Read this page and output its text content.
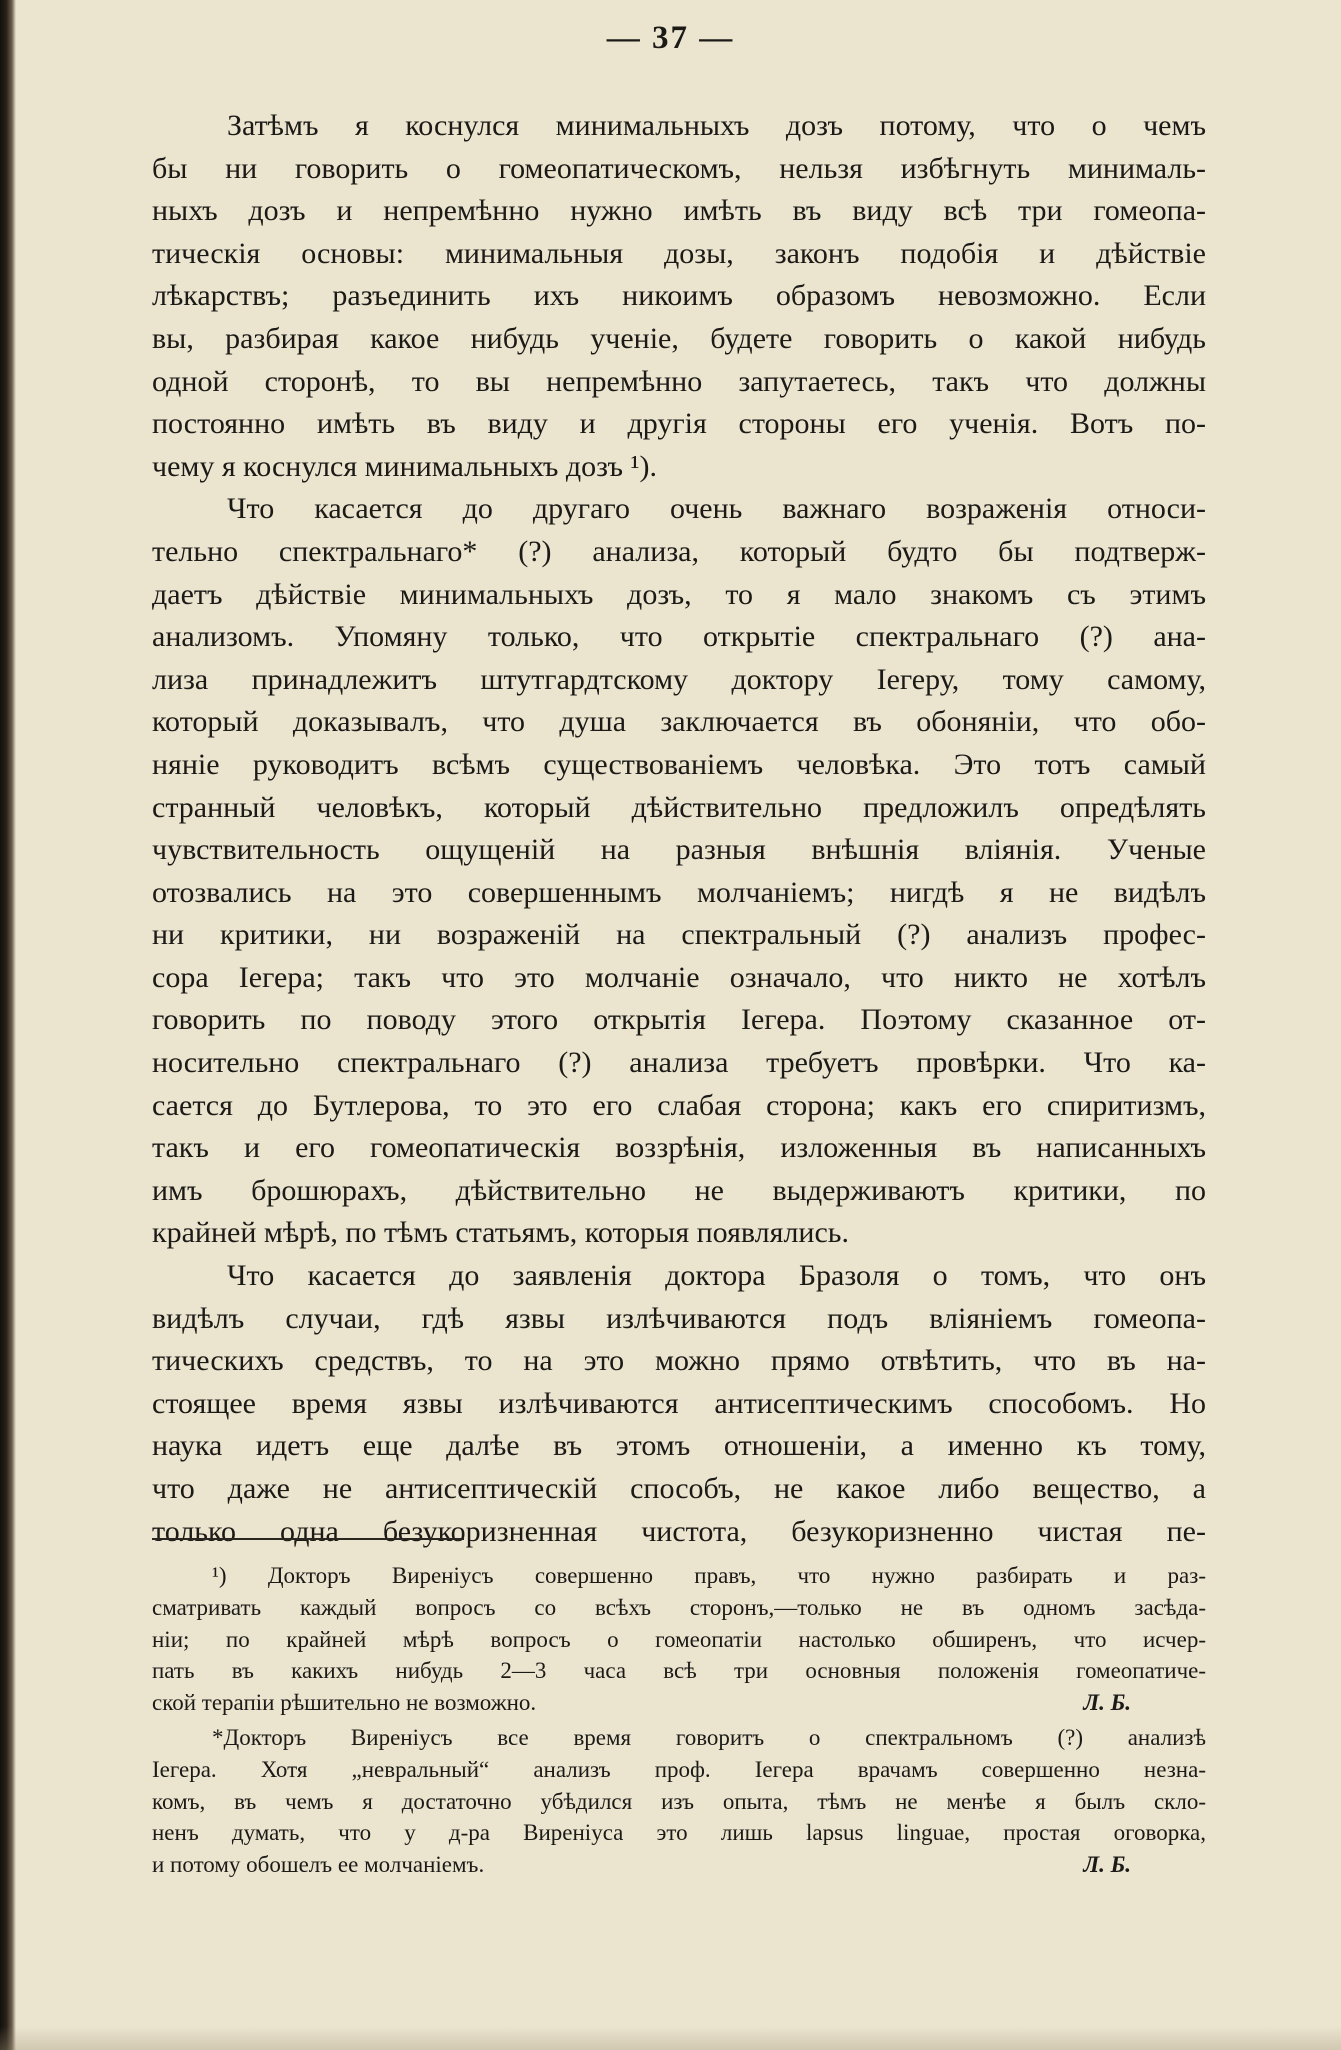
— 37 —
Затѣмъ я коснулся минимальныхъ дозъ потому, что о чемъ
бы ни говорить о гомеопатическомъ, нельзя избѣгнуть минималь-
ныхъ дозъ и непремѣнно нужно имѣть въ виду всѣ три гомеопа-
тическія основы: минимальныя дозы, законъ подобія и дѣйствіе
лѣкарствъ; разъединить ихъ никоимъ образомъ невозможно. Если
вы, разбирая какое нибудь ученіе, будете говорить о какой нибудь
одной сторонѣ, то вы непремѣнно запутаетесь, такъ что должны
постоянно имѣть въ виду и другія стороны его ученія. Вотъ по-
чему я коснулся минимальныхъ дозъ ¹).
Что касается до другаго очень важнаго возраженія относи-
тельно спектральнаго* (?) анализа, который будто бы подтверж-
даетъ дѣйствіе минимальныхъ дозъ, то я мало знакомъ съ этимъ
анализомъ. Упомяну только, что открытіе спектральнаго (?) ана-
лиза принадлежитъ штутгардтскому доктору Іегеру, тому самому,
который доказывалъ, что душа заключается въ обоняніи, что обо-
няніе руководитъ всѣмъ существованіемъ человѣка. Это тотъ самый
странный человѣкъ, который дѣйствительно предложилъ опредѣлять
чувствительность ощущеній на разныя внѣшнія вліянія. Ученые
отозвались на это совершеннымъ молчаніемъ; нигдѣ я не видѣлъ
ни критики, ни возраженій на спектральный (?) анализъ профес-
сора Іегера; такъ что это молчаніе означало, что никто не хотѣлъ
говорить по поводу этого открытія Іегера. Поэтому сказанное от-
носительно спектральнаго (?) анализа требуетъ провѣрки. Что ка-
сается до Бутлерова, то это его слабая сторона; какъ его спиритизмъ,
такъ и его гомеопатическія воззрѣнія, изложенныя въ написанныхъ
имъ брошюрахъ, дѣйствительно не выдерживаютъ критики, по
крайней мѣрѣ, по тѣмъ статьямъ, которыя появлялись.
Что касается до заявленія доктора Бразоля о томъ, что онъ
видѣлъ случаи, гдѣ язвы излѣчиваются подъ вліяніемъ гомеопа-
тическихъ средствъ, то на это можно прямо отвѣтить, что въ на-
стоящее время язвы излѣчиваются антисептическимъ способомъ. Но
наука идетъ еще далѣе въ этомъ отношеніи, а именно къ тому,
что даже не антисептическій способъ, не какое либо вещество, а
только одна безукоризненная чистота, безукоризненно чистая пе-
¹) Докторъ Виреніусъ совершенно правъ, что нужно разбирать и раз-
сматривать каждый вопросъ со всѣхъ сторонъ,—только не въ одномъ засѣда-
ніи; по крайней мѣрѣ вопросъ о гомеопатіи настолько обширенъ, что исчер-
пать въ какихъ нибудь 2—3 часа всѣ три основныя положенія гомеопатиче-
ской терапіи рѣшительно не возможно.	Л. Б.
*Докторъ Виреніусъ все время говоритъ о спектральномъ (?) анализѣ
Іегера. Хотя „невральный“ анализъ проф. Іегера врачамъ совершенно незна-
комъ, въ чемъ я достаточно убѣдился изъ опыта, тѣмъ не менѣе я былъ скло-
ненъ думать, что у д-ра Виреніуса это лишь lapsus linguae, простая оговорка,
и потому обошелъ ее молчаніемъ.	Л. Б.
